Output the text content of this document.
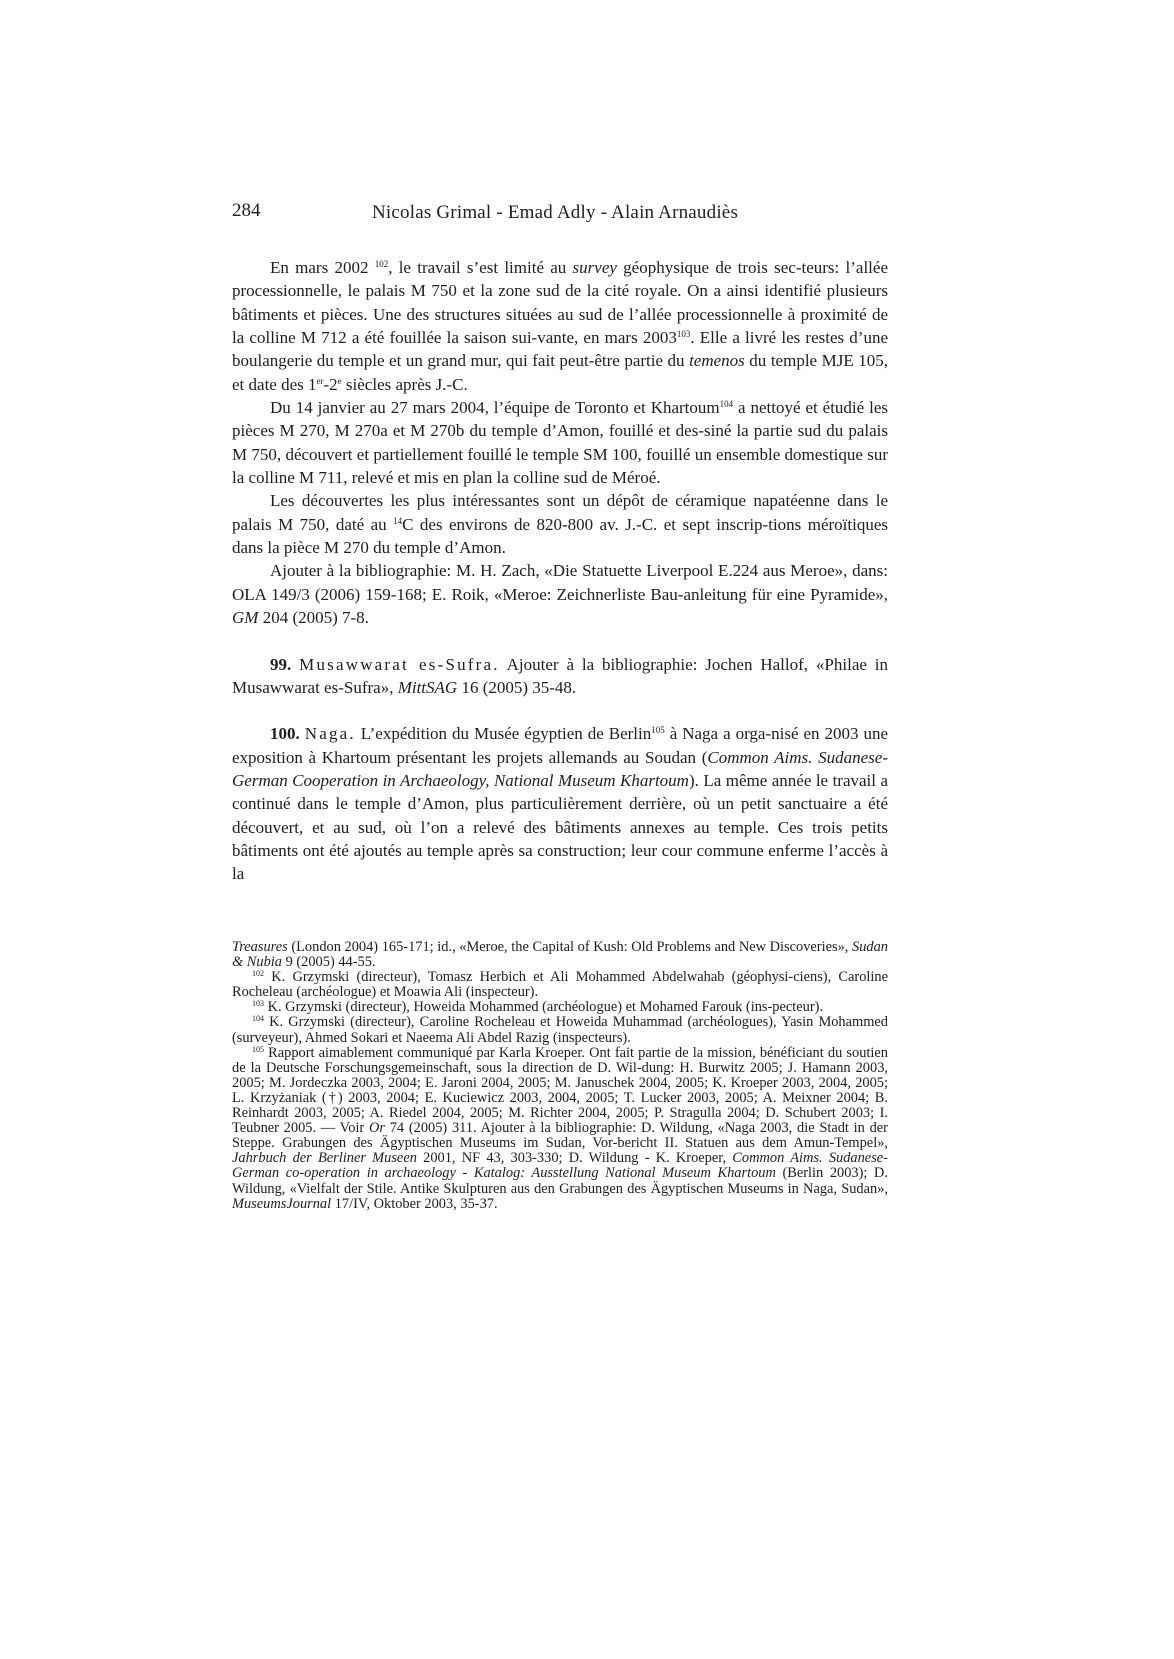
284	Nicolas Grimal - Emad Adly - Alain Arnaudiès

En mars 2002 $^{102}$, le travail s’est limité au survey géophysique de trois sec-teurs: l’allée processionnelle, le palais M 750 et la zone sud de la cité royale. On a ainsi identifié plusieurs bâtiments et pièces. Une des structures situées au sud de l’allée processionnelle à proximité de la colline M 712 a été fouillée la saison sui-vante, en mars 2003$^{103}$. Elle a livré les restes d’une boulangerie du temple et un grand mur, qui fait peut-être partie du temenos du temple MJE 105, et date des 1er-2e siècles après J.-C.

Du 14 janvier au 27 mars 2004, l’équipe de Toronto et Khartoum$^{104}$ a nettoyé et étudié les pièces M 270, M 270a et M 270b du temple d’Amon, fouillé et des-siné la partie sud du palais M 750, découvert et partiellement fouillé le temple SM 100, fouillé un ensemble domestique sur la colline M 711, relevé et mis en plan la colline sud de Méroé.

Les découvertes les plus intéressantes sont un dépôt de céramique napatéenne dans le palais M 750, daté au $^{14}$C des environs de 820-800 av. J.-C. et sept inscrip-tions méroïtiques dans la pièce M 270 du temple d’Amon.

Ajouter à la bibliographie: M. H. Zach, «Die Statuette Liverpool E.224 aus Meroe», dans: OLA 149/3 (2006) 159-168; E. Roik, «Meroe: Zeichnerliste Bau-anleitung für eine Pyramide», GM 204 (2005) 7-8.

99. Musawwarat es-Sufra. Ajouter à la bibliographie: Jochen Hallof, «Philae in Musawwarat es-Sufra», MittSAG 16 (2005) 35-48.

100. Naga. L’expédition du Musée égyptien de Berlin$^{105}$ à Naga a orga-nisé en 2003 une exposition à Khartoum présentant les projets allemands au Soudan (Common Aims. Sudanese-German Cooperation in Archaeology, National Museum Khartoum). La même année le travail a continué dans le temple d’Amon, plus particulièrement derrière, où un petit sanctuaire a été découvert, et au sud, où l’on a relevé des bâtiments annexes au temple. Ces trois petits bâtiments ont été ajoutés au temple après sa construction; leur cour commune enferme l’accès à la

Treasures (London 2004) 165-171; id., «Meroe, the Capital of Kush: Old Problems and New Discoveries», Sudan & Nubia 9 (2005) 44-55.

$^{102}$ K. Grzymski (directeur), Tomasz Herbich et Ali Mohammed Abdelwahab (géophysi-ciens), Caroline Rocheleau (archéologue) et Moawia Ali (inspecteur).

$^{103}$ K. Grzymski (directeur), Howeida Mohammed (archéologue) et Mohamed Farouk (ins-pecteur).

$^{104}$ K. Grzymski (directeur), Caroline Rocheleau et Howeida Muhammad (archéologues), Yasin Mohammed (surveyeur), Ahmed Sokari et Naeema Ali Abdel Razig (inspecteurs).

$^{105}$ Rapport aimablement communiqué par Karla Kroeper. Ont fait partie de la mission, bénéficiant du soutien de la Deutsche Forschungsgemeinschaft, sous la direction de D. Wil-dung: H. Burwitz 2005; J. Hamann 2003, 2005; M. Jordeczka 2003, 2004; E. Jaroni 2004, 2005; M. Januschek 2004, 2005; K. Kroeper 2003, 2004, 2005; L. Krzyżaniak (†) 2003, 2004; E. Kuciewicz 2003, 2004, 2005; T. Lucker 2003, 2005; A. Meixner 2004; B. Reinhardt 2003, 2005; A. Riedel 2004, 2005; M. Richter 2004, 2005; P. Stragulla 2004; D. Schubert 2003; I. Teubner 2005. — Voir Or 74 (2005) 311. Ajouter à la bibliographie: D. Wildung, «Naga 2003, die Stadt in der Steppe. Grabungen des Ägyptischen Museums im Sudan, Vor-bericht II. Statuen aus dem Amun-Tempel», Jahrbuch der Berliner Museen 2001, NF 43, 303-330; D. Wildung - K. Kroeper, Common Aims. Sudanese-German co-operation in archaeology - Katalog: Ausstellung National Museum Khartoum (Berlin 2003); D. Wildung, «Vielfalt der Stile. Antike Skulpturen aus den Grabungen des Ägyptischen Museums in Naga, Sudan», MuseumsJournal 17/IV, Oktober 2003, 35-37.
